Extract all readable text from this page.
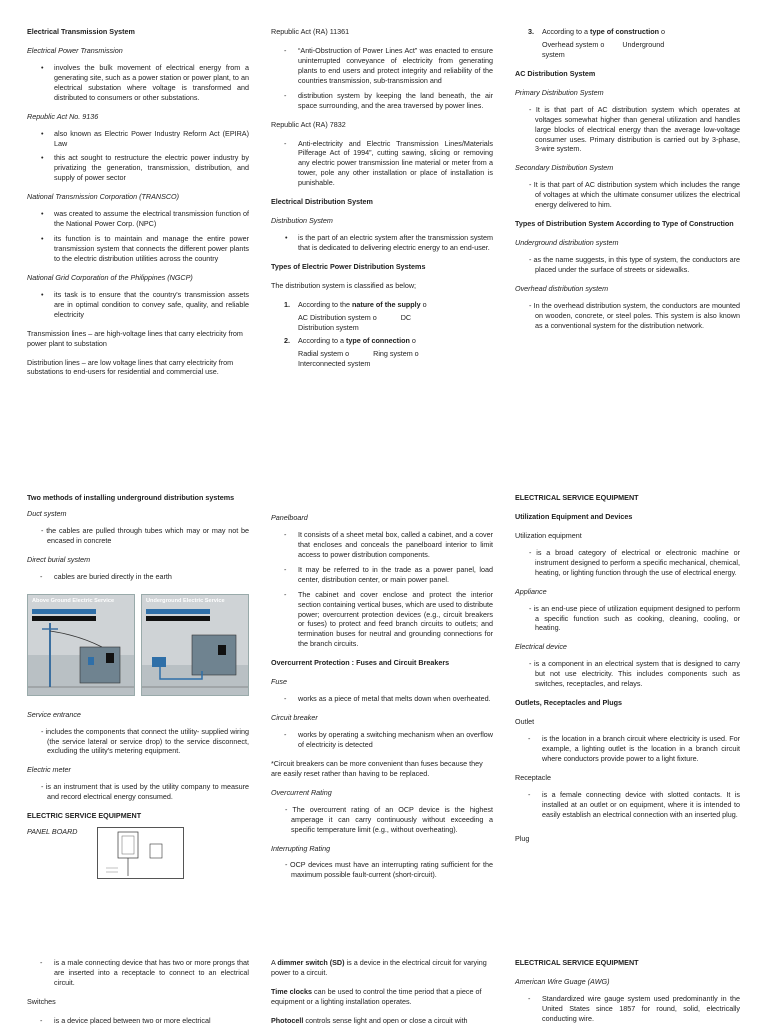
Electrical Transmission System
Electrical Power Transmission
• involves the bulk movement of electrical energy from a generating site, such as a power station or power plant, to an electrical substation where voltage is transformed and distributed to consumers or other substations.
Republic Act No. 9136
• also known as Electric Power Industry Reform Act (EPIRA) Law
• this act sought to restructure the electric power industry by privatizing the generation, transmission, distribution, and supply of power sector
National Transmission Corporation (TRANSCO)
• was created to assume the electrical transmission function of the National Power Corp. (NPC)
• its function is to maintain and manage the entire power transmission system that connects the different power plants to the electric distribution utilities across the country
National Grid Corporation of the Philippines (NGCP)
• its task is to ensure that the country's transmission assets are in optimal condition to convey safe, quality, and reliable electricity
Transmission lines – are high-voltage lines that carry electricity from power plant to substation
Distribution lines – are low voltage lines that carry electricity from substations to end-users for residential and commercial use.
Republic Act (RA) 11361
- “Anti-Obstruction of Power Lines Act” was enacted to ensure uninterrupted conveyance of electricity from generating plants to end users and protect integrity and reliability of the countries transmission, sub-transmission and
- distribution system by keeping the land beneath, the air space surrounding, and the area traversed by power lines.
Republic Act (RA) 7832
- Anti-electricity and Electric Transmission Lines/Materials Pilferage Act of 1994”, cutting sawing, slicing or removing any electric power transmission line material or meter from a tower, pole any other installation or place of installation is punishable.
Electrical Distribution System
Distribution System
• is the part of an electric system after the transmission system that is dedicated to delivering electric energy to an end-user.
Types of Electric Power Distribution Systems
The distribution system is classified as below;
1. According to the nature of the supply o
AC Distribution system o	DC
Distribution system
2. According to a type of connection o
Radial system o	Ring system o
Interconnected system
3. According to a type of construction o
Overhead system o	Underground
system
AC Distribution System
Primary Distribution System
- It is that part of AC distribution system which operates at voltages somewhat higher than general utilization and handles large blocks of electrical energy than the average low-voltage consumer uses. Primary distribution is carried out by 3-phase, 3-wire system.
Secondary Distribution System
- It is that part of AC distribution system which includes the range of voltages at which the ultimate consumer utilizes the electrical energy delivered to him.
Types of Distribution System According to Type of Construction
Underground distribution system
- as the name suggests, in this type of system, the conductors are placed under the surface of streets or sidewalks.
Overhead distribution system
- In the overhead distribution system, the conductors are mounted on wooden, concrete, or steel poles. This system is also known as a conventional system for the distribution network.
Two methods of installing underground distribution systems
Duct system
- the cables are pulled through tubes which may or may not be encased in concrete
Direct burial system
- cables are buried directly in the earth
Above Ground Electric Service	Underground Electric Service
Service entrance
- includes the components that connect the utility- supplied wiring (the service lateral or service drop) to the service disconnect, excluding the utility's metering equipment.
Electric meter
- is an instrument that is used by the utility company to measure and record electrical energy consumed.
ELECTRIC SERVICE EQUIPMENT
PANEL BOARD
Panelboard
- It consists of a sheet metal box, called a cabinet, and a cover that encloses and conceals the panelboard interior to limit access to power distribution components.
- It may be referred to in the trade as a power panel, load center, distribution center, or main power panel.
- The cabinet and cover enclose and protect the interior section containing vertical buses, which are used to distribute power; overcurrent protection devices (e.g., circuit breakers or fuses) to protect and feed branch circuits to outlets; and termination buses for neutral and grounding connections for the branch circuits.
Overcurrent Protection : Fuses and Circuit Breakers
Fuse
- works as a piece of metal that melts down when overheated.
Circuit breaker
- works by operating a switching mechanism when an overflow of electricity is detected
*Circuit breakers can be more convenient than fuses because they are easily reset rather than having to be replaced.
Overcurrent Rating
- The overcurrent rating of an OCP device is the highest amperage it can carry continuously without exceeding a specific temperature limit (e.g., without overheating).
Interrupting Rating
- OCP devices must have an interrupting rating sufficient for the maximum possible fault-current (short-circuit).
ELECTRICAL SERVICE EQUIPMENT
Utilization Equipment and Devices
Utilization equipment
- is a broad category of electrical or electronic machine or instrument designed to perform a specific mechanical, chemical, heating, or lighting function through the use of electrical energy.
Appliance
- is an end-use piece of utilization equipment designed to perform a specific function such as cooking, cleaning, cooling, or heating.
Electrical device
- is a component in an electrical system that is designed to carry but not use electricity. This includes components such as switches, receptacles, and relays.
Outlets, Receptacles and Plugs
Outlet
- is the location in a branch circuit where electricity is used. For example, a lighting outlet is the location in a branch circuit where conductors provide power to a light fixture.
Receptacle
- is a female connecting device with slotted contacts. It is installed at an outlet or on equipment, where it is intended to easily establish an electrical connection with an inserted plug.
Plug
- is a male connecting device that has two or more prongs that are inserted into a receptacle to connect to an electrical circuit.
Switches
- is a device placed between two or more electrical
A dimmer switch (SD) is a device in the electrical circuit for varying power to a circuit.
Time clocks can be used to control the time period that a piece of equipment or a lighting installation operates.
Photocell controls sense light and open or close a circuit with
ELECTRICAL SERVICE EQUIPMENT
American Wire Guage (AWG)
- Standardized wire gauge system used predominantly in the United States since 1857 for round, solid, electrically conducting wire.
